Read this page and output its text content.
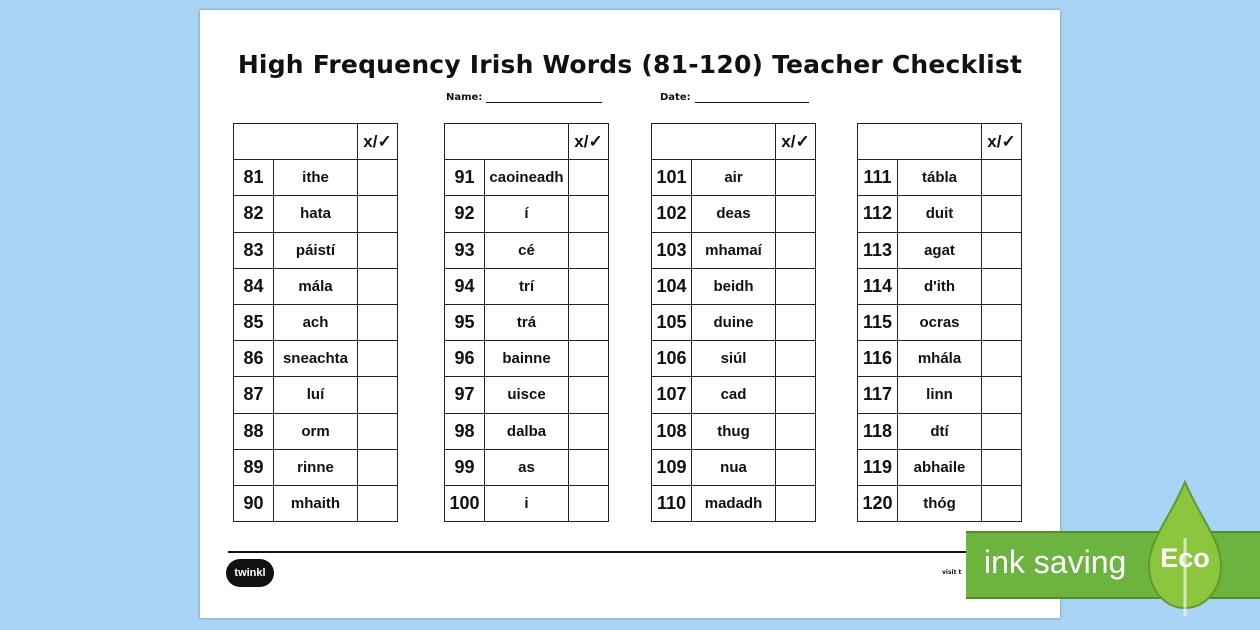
High Frequency Irish Words (81-120) Teacher Checklist
Name:	Date:
		x/✓
81	ithe	
82	hata	
83	páistí	
84	mála	
85	ach	
86	sneachta	
87	luí	
88	orm	
89	rinne	
90	mhaith	
		x/✓
91	caoineadh	
92	í	
93	cé	
94	trí	
95	trá	
96	bainne	
97	uisce	
98	dalba	
99	as	
100	i	
		x/✓
101	air	
102	deas	
103	mhamaí	
104	beidh	
105	duine	
106	siúl	
107	cad	
108	thug	
109	nua	
110	madadh	
		x/✓
111	tábla	
112	duit	
113	agat	
114	d'ith	
115	ocras	
116	mhála	
117	linn	
118	dtí	
119	abhaile	
120	thóg	
twinkl	visit t ink saving	Eco
